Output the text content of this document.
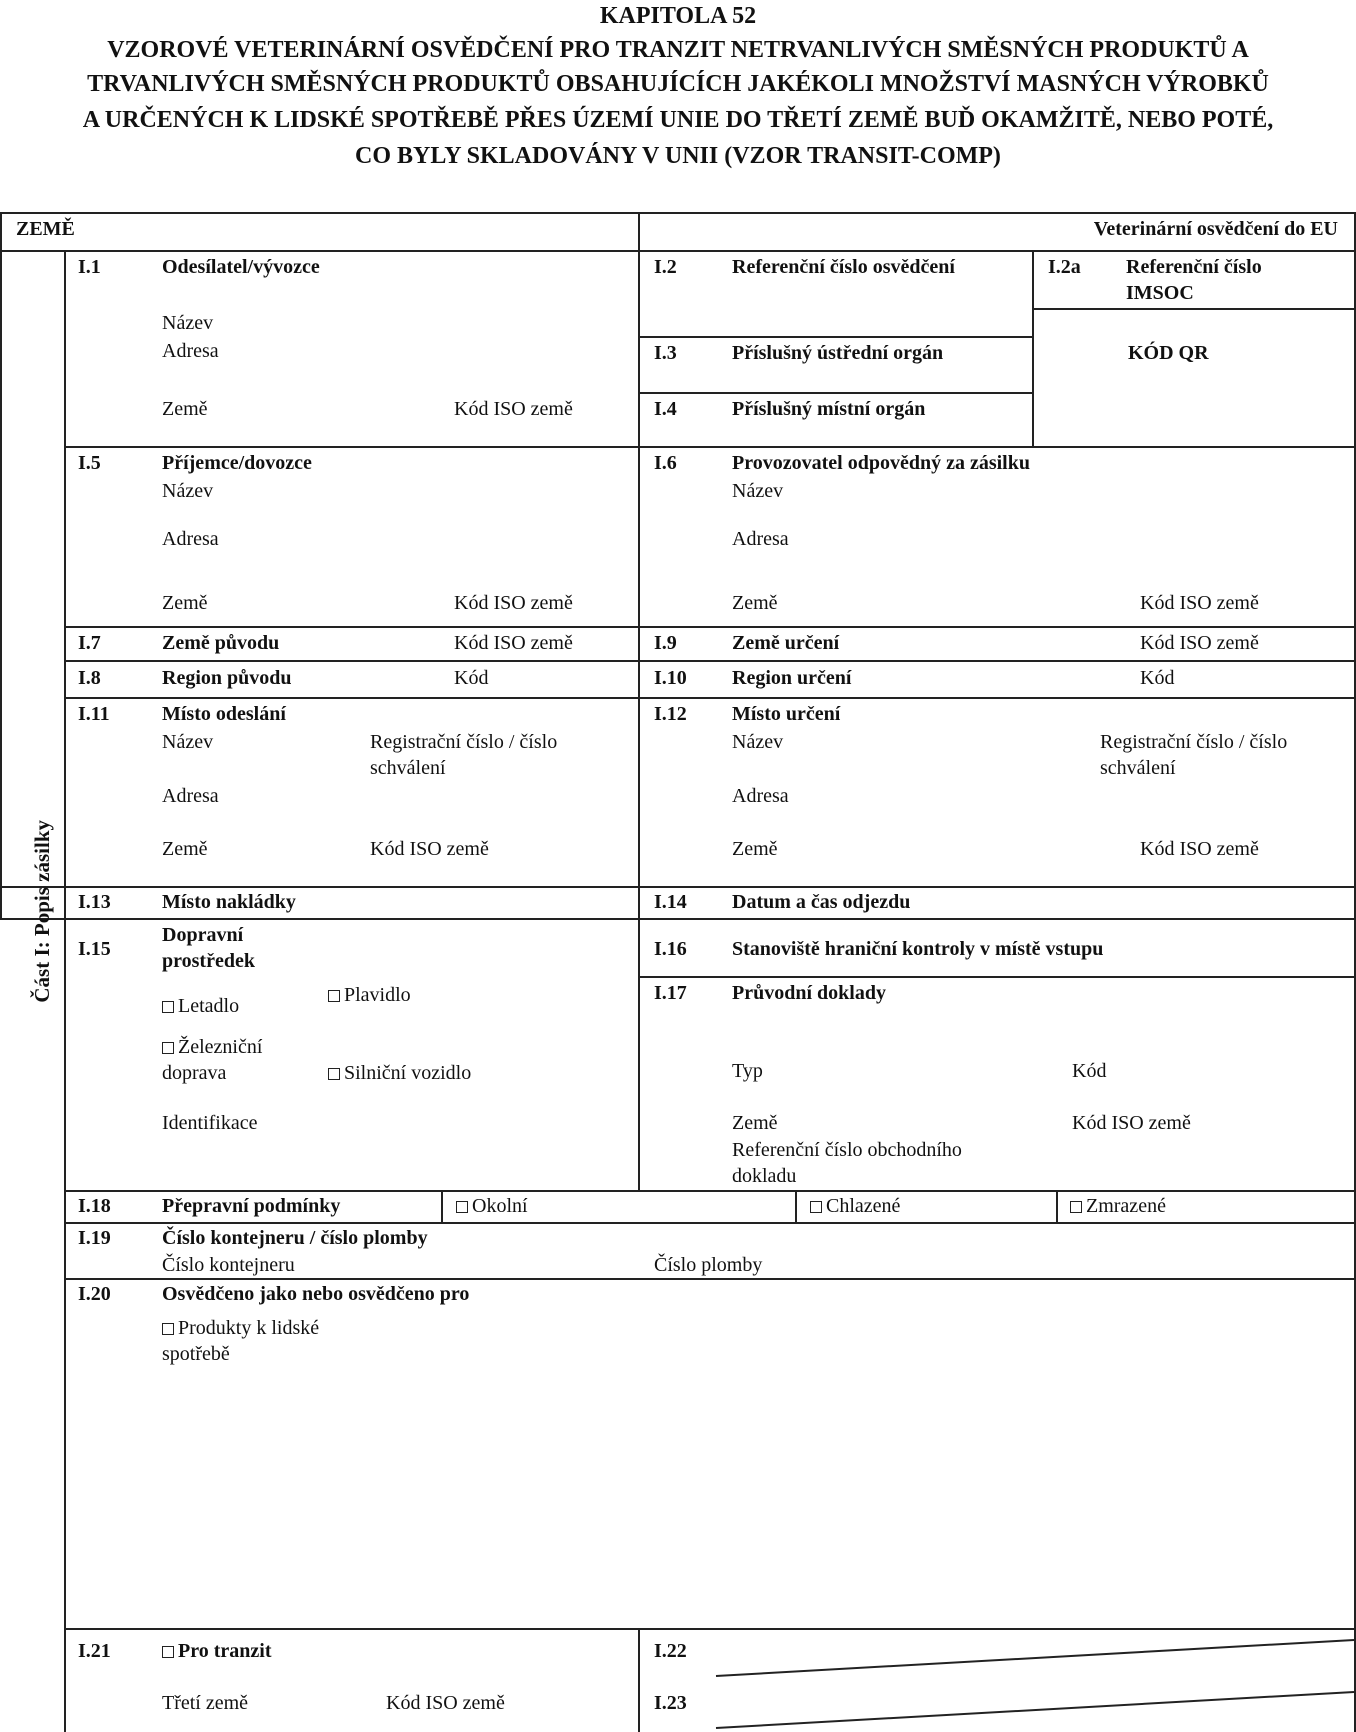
KAPITOLA 52
VZOROVÉ VETERINÁRNÍ OSVĚDČENÍ PRO TRANZIT NETRVANLIVÝCH SMĚSNÝCH PRODUKTŮ A
TRVANLIVÝCH SMĚSNÝCH PRODUKTŮ OBSAHUJÍCÍCH JAKÉKOLI MNOŽSTVÍ MASNÝCH VÝROBKŮ
A URČENÝCH K LIDSKÉ SPOTŘEBĚ PŘES ÚZEMÍ UNIE DO TŘETÍ ZEMĚ BUĎ OKAMŽITĚ, NEBO POTÉ,
CO BYLY SKLADOVÁNY V UNII (VZOR TRANSIT-COMP)
ZEMĚ	Veterinární osvědčení do EU
Část I: Popis zásilky
I.1	Odesílatel/vývozce
Název
Adresa
Země	Kód ISO země
I.2	Referenční číslo osvědčení	I.2a Referenční číslo IMSOC
KÓD QR
I.3	Příslušný ústřední orgán
I.4	Příslušný místní orgán
I.5	Příjemce/dovozce
Název
Adresa
Země	Kód ISO země
I.6	Provozovatel odpovědný za zásilku
Název
Adresa
Země	Kód ISO země
I.7	Země původu	Kód ISO země	I.9	Země určení	Kód ISO země
I.8	Region původu	Kód	I.10 Region určení	Kód
I.11	Místo odeslání
Název	Registrační číslo / číslo schválení
Adresa
Země	Kód ISO země
I.12 Místo určení
Název	Registrační číslo / číslo schválení
Adresa
Země	Kód ISO země
I.13	Místo nakládky	I.14 Datum a čas odjezdu
I.15
Dopravní prostředek
Letadlo	Plavidlo
Železniční doprava	Silniční vozidlo
Identifikace
I.16 Stanoviště hraniční kontroly v místě vstupu
I.17 Průvodní doklady
Typ	Kód
Země	Kód ISO země
Referenční číslo obchodního dokladu
I.18	Přepravní podmínky	Okolní	Chlazené	Zmrazené
I.19	Číslo kontejneru / číslo plomby
Číslo kontejneru	Číslo plomby
I.20	Osvědčeno jako nebo osvědčeno pro
Produkty k lidské spotřebě
I.21	Pro tranzit
Třetí země	Kód ISO země
I.22
I.23
